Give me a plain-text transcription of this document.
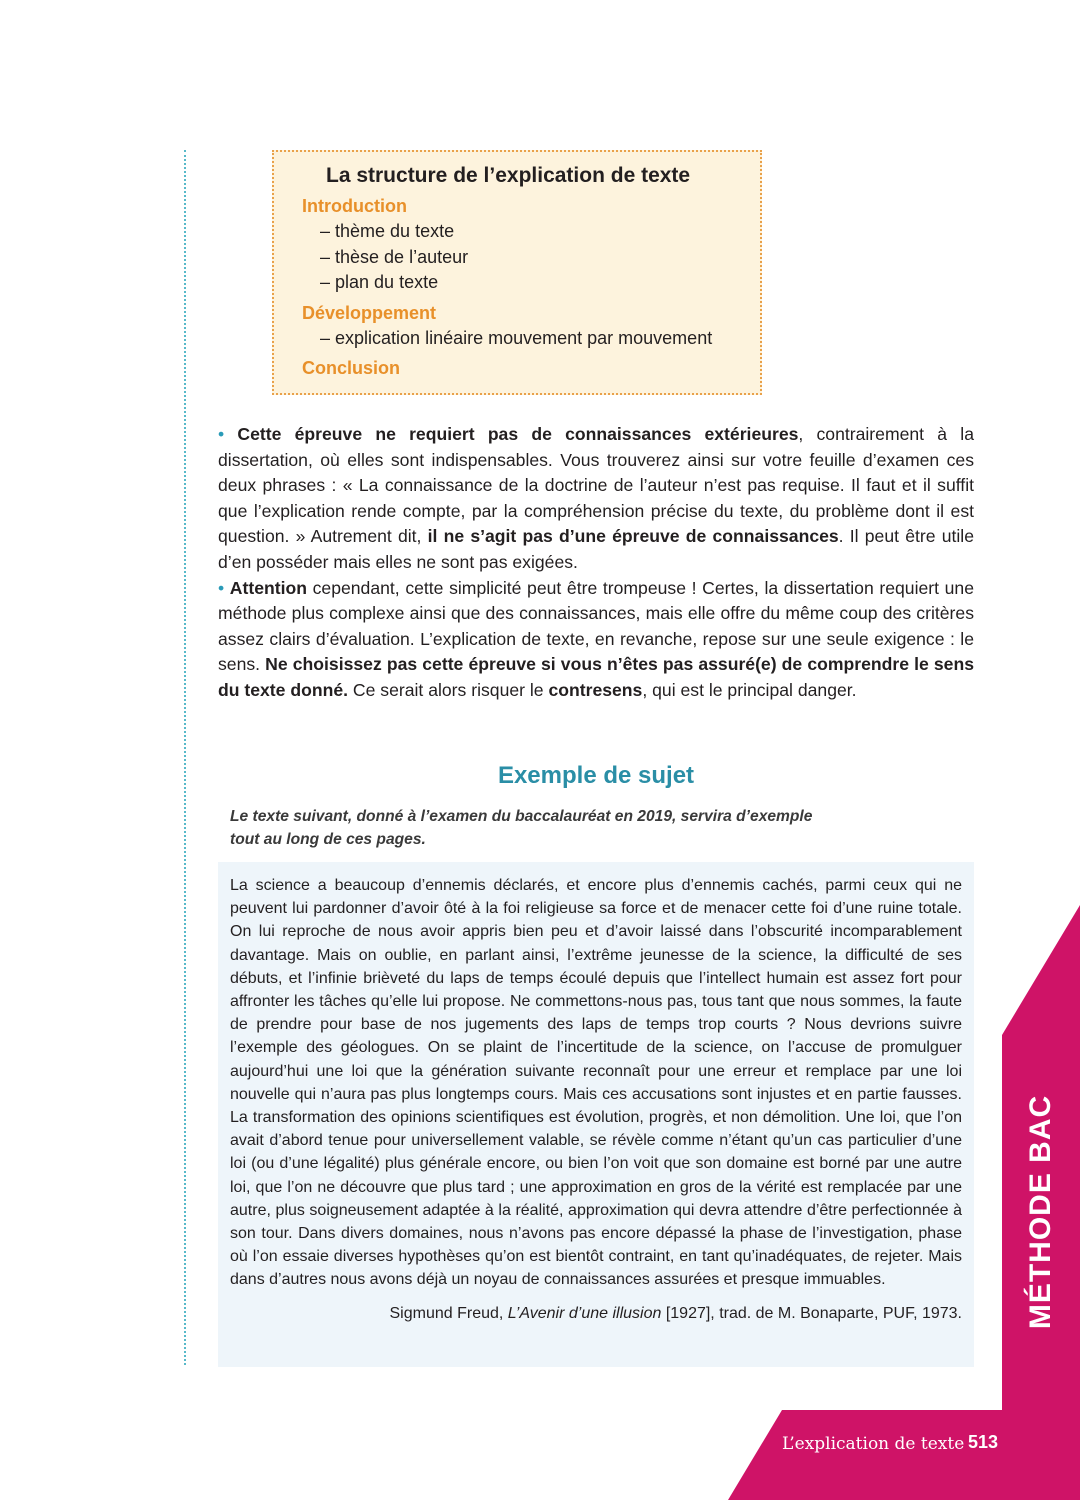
La structure de l’explication de texte

Introduction

– thème du texte

– thèse de l’auteur

– plan du texte

Développement

– explication linéaire mouvement par mouvement

Conclusion

• Cette épreuve ne requiert pas de connaissances extérieures, contrairement à la dissertation, où elles sont indispensables. Vous trouverez ainsi sur votre feuille d’examen ces deux phrases : « La connaissance de la doctrine de l’auteur n’est pas requise. Il faut et il suffit que l’explication rende compte, par la compréhension précise du texte, du problème dont il est question. » Autrement dit, il ne s’agit pas d’une épreuve de connaissances. Il peut être utile d’en posséder mais elles ne sont pas exigées.

• Attention cependant, cette simplicité peut être trompeuse ! Certes, la dissertation requiert une méthode plus complexe ainsi que des connaissances, mais elle offre du même coup des critères assez clairs d’évaluation. L’explication de texte, en revanche, repose sur une seule exigence : le sens. Ne choisissez pas cette épreuve si vous n’êtes pas assuré(e) de comprendre le sens du texte donné. Ce serait alors risquer le contresens, qui est le principal danger.

Exemple de sujet

Le texte suivant, donné à l’examen du baccalauréat en 2019, servira d’exemple tout au long de ces pages.

La science a beaucoup d’ennemis déclarés, et encore plus d’ennemis cachés, parmi ceux qui ne peuvent lui pardonner d’avoir ôté à la foi religieuse sa force et de menacer cette foi d’une ruine totale. On lui reproche de nous avoir appris bien peu et d’avoir laissé dans l’obscurité incomparablement davantage. Mais on oublie, en parlant ainsi, l’extrême jeunesse de la science, la difficulté de ses débuts, et l’infinie brièveté du laps de temps écoulé depuis que l’intellect humain est assez fort pour affronter les tâches qu’elle lui propose. Ne commettons-nous pas, tous tant que nous sommes, la faute de prendre pour base de nos jugements des laps de temps trop courts ? Nous devrions suivre l’exemple des géologues. On se plaint de l’incertitude de la science, on l’accuse de promulguer aujourd’hui une loi que la génération suivante reconnaît pour une erreur et remplace par une loi nouvelle qui n’aura pas plus longtemps cours. Mais ces accusations sont injustes et en partie fausses. La transformation des opinions scientifiques est évolution, progrès, et non démolition. Une loi, que l’on avait d’abord tenue pour universellement valable, se révèle comme n’étant qu’un cas particulier d’une loi (ou d’une légalité) plus générale encore, ou bien l’on voit que son domaine est borné par une autre loi, que l’on ne découvre que plus tard ; une approximation en gros de la vérité est remplacée par une autre, plus soigneusement adaptée à la réalité, approximation qui devra attendre d’être perfectionnée à son tour. Dans divers domaines, nous n’avons pas encore dépassé la phase de l’investigation, phase où l’on essaie diverses hypothèses qu’on est bientôt contraint, en tant qu’inadéquates, de rejeter. Mais dans d’autres nous avons déjà un noyau de connaissances assurées et presque immuables.

Sigmund Freud, L’Avenir d’une illusion [1927], trad. de M. Bonaparte, PUF, 1973. MÉTHODE BAC
L’explication de texte 513
